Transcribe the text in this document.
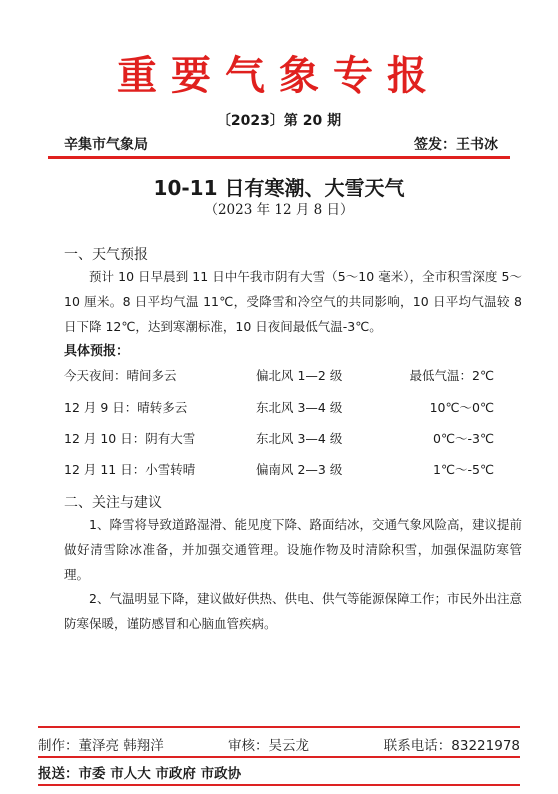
重要气象专报
〔2023〕第 20 期
辛集市气象局	签发：王书冰
10-11 日有寒潮、大雪天气
（2023 年 12 月 8 日）
一、天气预报

预计 10 日早晨到 11 日中午我市阴有大雪（5～10 毫米），全市积雪深度 5～10 厘米。8 日平均气温 11℃，受降雪和冷空气的共同影响，10 日平均气温较 8 日下降 12℃，达到寒潮标准，10 日夜间最低气温-3℃。

具体预报：
今天夜间：晴间多云	偏北风 1—2 级	最低气温：2℃
12 月 9 日：晴转多云	东北风 3—4 级	10℃～0℃
12 月 10 日：阴有大雪	东北风 3—4 级	0℃～-3℃
12 月 11 日：小雪转晴	偏南风 2—3 级	1℃～-5℃
二、关注与建议

1、降雪将导致道路湿滑、能见度下降、路面结冰，交通气象风险高，建议提前做好清雪除冰准备，并加强交通管理。设施作物及时清除积雪，加强保温防寒管理。

2、气温明显下降，建议做好供热、供电、供气等能源保障工作；市民外出注意防寒保暖，谨防感冒和心脑血管疾病。

制作：董泽亮 韩翔洋	审核：吴云龙	联系电话：83221978
报送：市委 市人大 市政府 市政协
